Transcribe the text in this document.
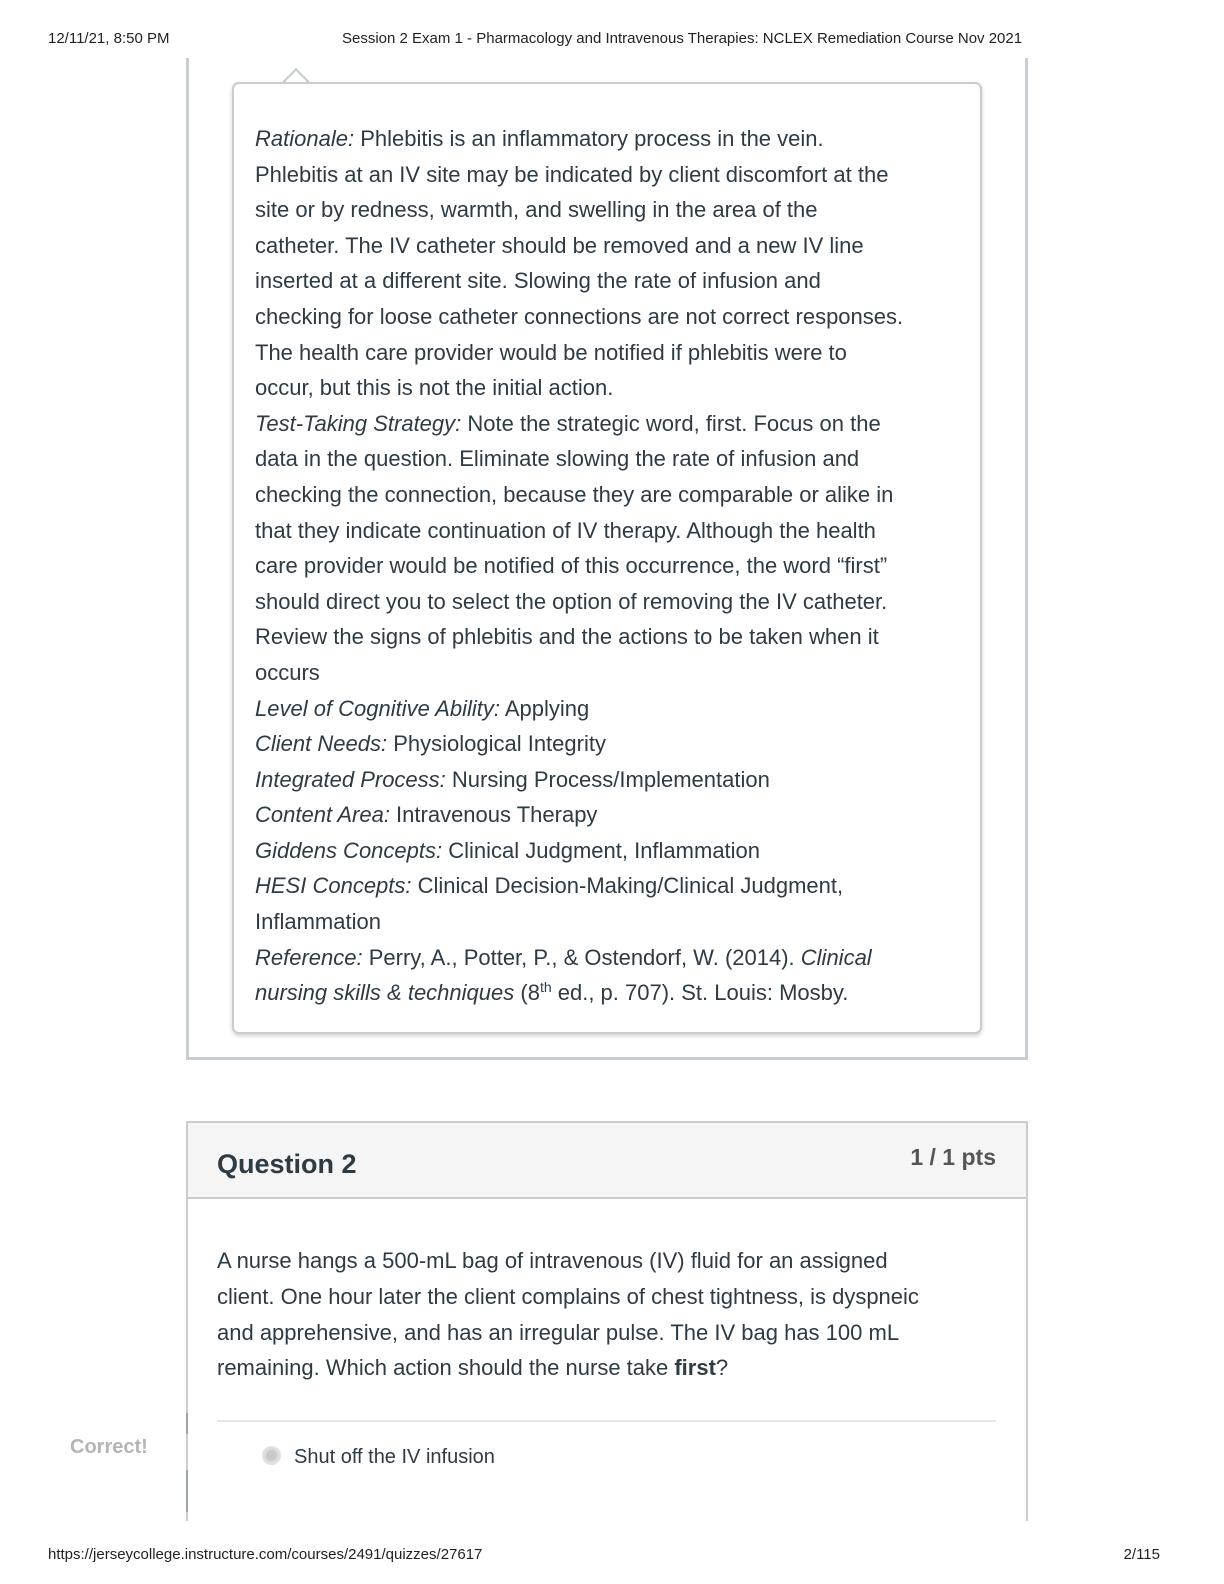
12/11/21, 8:50 PM	Session 2 Exam 1 - Pharmacology and Intravenous Therapies: NCLEX Remediation Course Nov 2021
Rationale: Phlebitis is an inflammatory process in the vein.
Phlebitis at an IV site may be indicated by client discomfort at the
site or by redness, warmth, and swelling in the area of the
catheter. The IV catheter should be removed and a new IV line
inserted at a different site. Slowing the rate of infusion and
checking for loose catheter connections are not correct responses.
The health care provider would be notified if phlebitis were to
occur, but this is not the initial action.
Test-Taking Strategy: Note the strategic word, first. Focus on the
data in the question. Eliminate slowing the rate of infusion and
checking the connection, because they are comparable or alike in
that they indicate continuation of IV therapy. Although the health
care provider would be notified of this occurrence, the word “first”
should direct you to select the option of removing the IV catheter.
Review the signs of phlebitis and the actions to be taken when it
occurs
Level of Cognitive Ability: Applying
Client Needs: Physiological Integrity
Integrated Process: Nursing Process/Implementation
Content Area: Intravenous Therapy
Giddens Concepts: Clinical Judgment, Inflammation
HESI Concepts: Clinical Decision-Making/Clinical Judgment,
Inflammation
Reference: Perry, A., Potter, P., & Ostendorf, W. (2014). Clinical
nursing skills & techniques (8th ed., p. 707). St. Louis: Mosby.
Question 2	1 / 1 pts
A nurse hangs a 500-mL bag of intravenous (IV) fluid for an assigned
client. One hour later the client complains of chest tightness, is dyspneic
and apprehensive, and has an irregular pulse. The IV bag has 100 mL
remaining. Which action should the nurse take first?
Correct!	Shut off the IV infusion
https://jerseycollege.instructure.com/courses/2491/quizzes/27617	2/115
